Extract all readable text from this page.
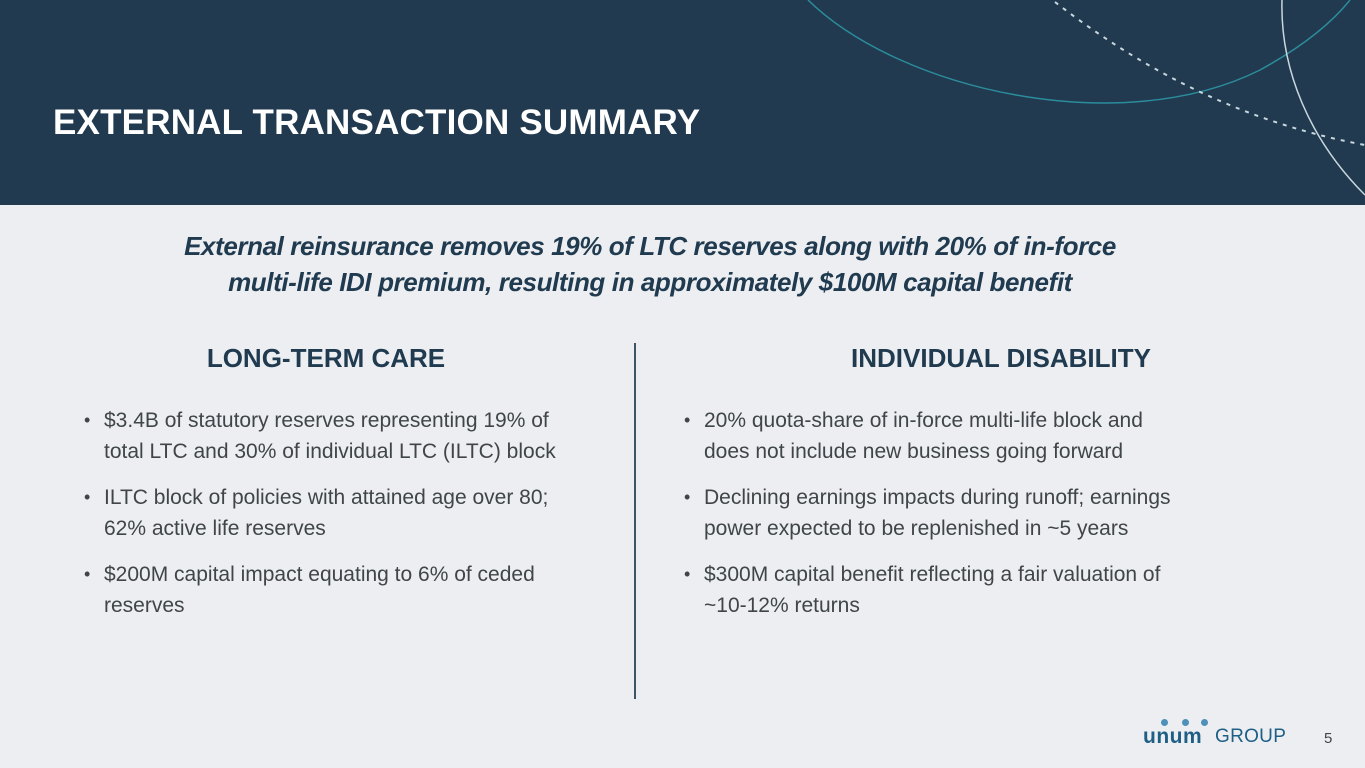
EXTERNAL TRANSACTION SUMMARY
External reinsurance removes 19% of LTC reserves along with 20% of in-force
multi-life IDI premium, resulting in approximately $100M capital benefit
LONG-TERM CARE	INDIVIDUAL DISABILITY
• $3.4B of statutory reserves representing 19% of
total LTC and 30% of individual LTC (ILTC) block
• ILTC block of policies with attained age over 80;
62% active life reserves
• $200M capital impact equating to 6% of ceded
reserves
• 20% quota-share of in-force multi-life block and
does not include new business going forward
• Declining earnings impacts during runoff; earnings
power expected to be replenished in ~5 years
• $300M capital benefit reflecting a fair valuation of
~10-12% returns
unum GROUP	5
